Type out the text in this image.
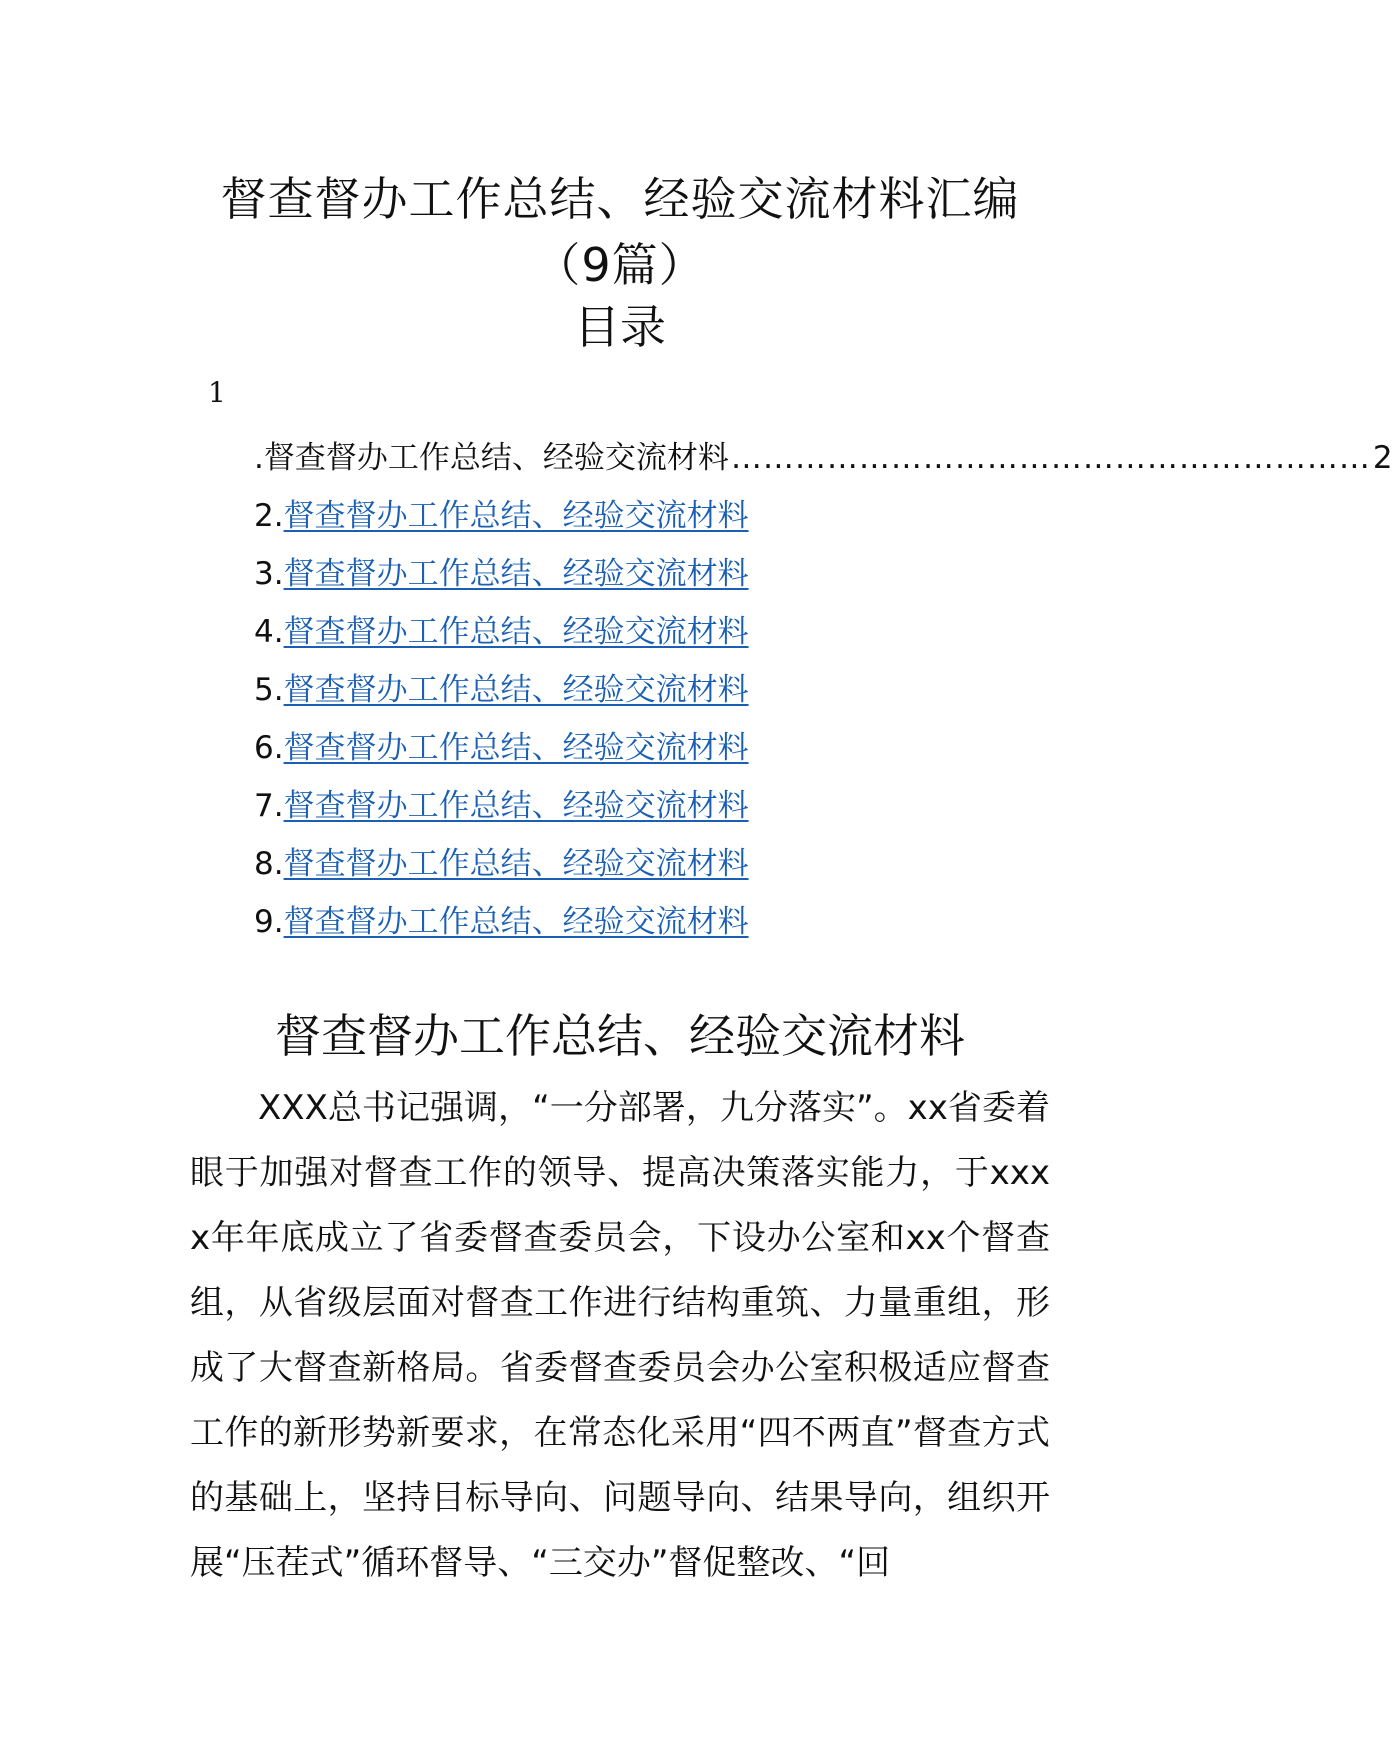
督查督办工作总结、经验交流材料汇编（9篇）
目录
1
.督查督办工作总结、经验交流材料 …………………………………………………… 2
2.督查督办工作总结、经验交流材料
3.督查督办工作总结、经验交流材料
4.督查督办工作总结、经验交流材料
5.督查督办工作总结、经验交流材料
6.督查督办工作总结、经验交流材料
7.督查督办工作总结、经验交流材料
8.督查督办工作总结、经验交流材料
9.督查督办工作总结、经验交流材料
督查督办工作总结、经验交流材料

XXX总书记强调，“一分部署，九分落实”。xx省委着眼于加强对督查工作的领导、提高决策落实能力，于xxxx年年底成立了省委督查委员会，下设办公室和xx个督查组，从省级层面对督查工作进行结构重筑、力量重组，形成了大督查新格局。省委督查委员会办公室积极适应督查工作的新形势新要求，在常态化采用“四不两直”督查方式的基础上，坚持目标导向、问题导向、结果导向，组织开展“压茬式”循环督导、“三交办”督促整改、“回
